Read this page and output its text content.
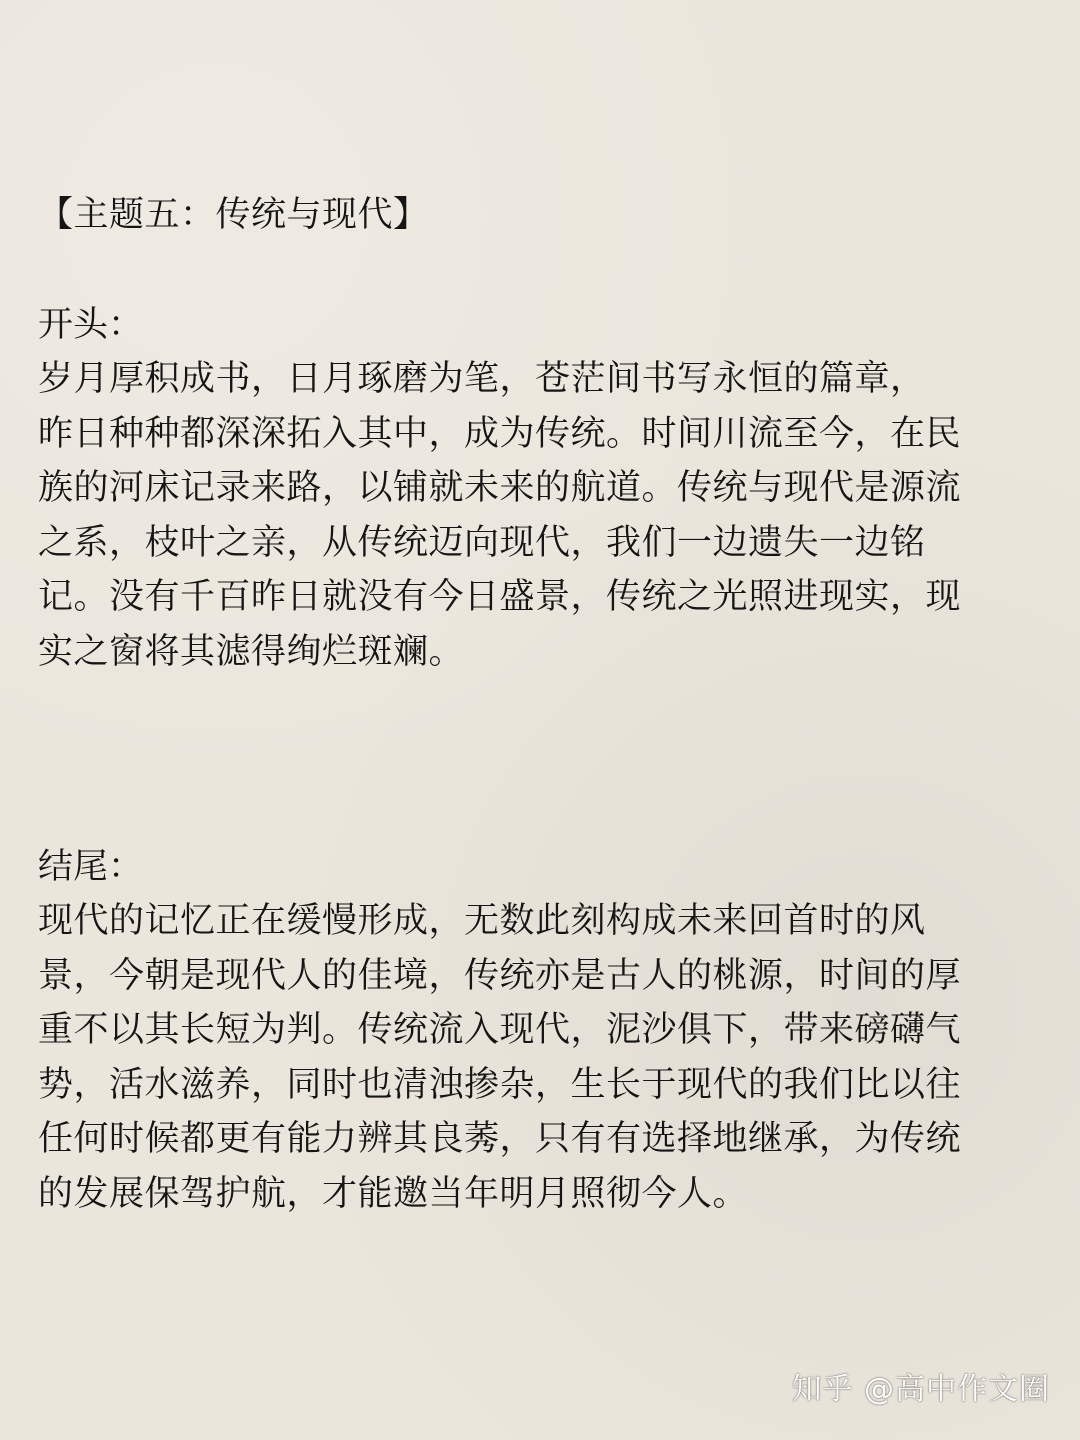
【主题五：传统与现代】
开头：
岁月厚积成书，日月琢磨为笔，苍茫间书写永恒的篇章，
昨日种种都深深拓入其中，成为传统。时间川流至今，在民
族的河床记录来路，以铺就未来的航道。传统与现代是源流
之系，枝叶之亲，从传统迈向现代，我们一边遗失一边铭
记。没有千百昨日就没有今日盛景，传统之光照进现实，现
实之窗将其滤得绚烂斑斓。
结尾：
现代的记忆正在缓慢形成，无数此刻构成未来回首时的风
景，今朝是现代人的佳境，传统亦是古人的桃源，时间的厚
重不以其长短为判。传统流入现代，泥沙俱下，带来磅礴气
势，活水滋养，同时也清浊掺杂，生长于现代的我们比以往
任何时候都更有能力辨其良莠，只有有选择地继承，为传统
的发展保驾护航，才能邀当年明月照彻今人。
知乎 @高中作文圈
